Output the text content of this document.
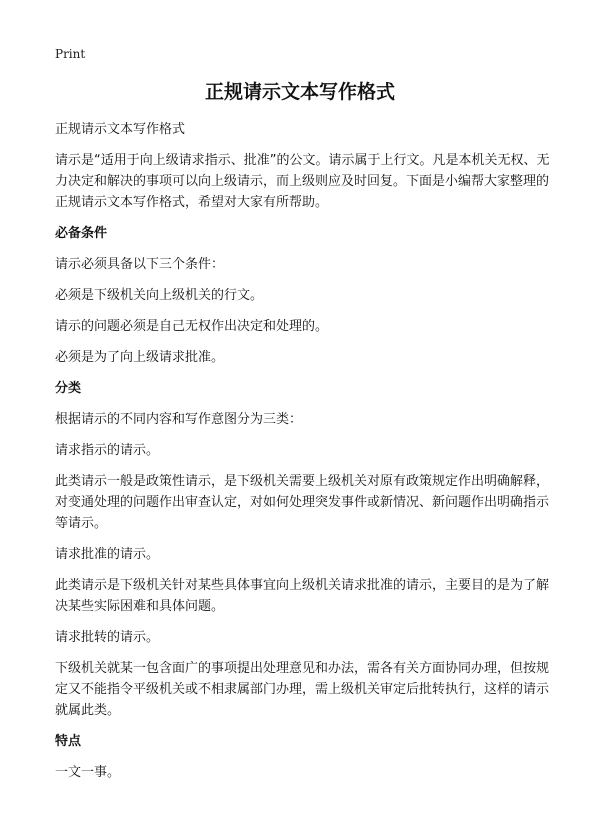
Print
正规请示文本写作格式

正规请示文本写作格式

请示是“适用于向上级请求指示、批准”的公文。请示属于上行文。凡是本机关无权、无力决定和解决的事项可以向上级请示，而上级则应及时回复。下面是小编帮大家整理的正规请示文本写作格式，希望对大家有所帮助。

必备条件

请示必须具备以下三个条件：

必须是下级机关向上级机关的行文。

请示的问题必须是自己无权作出决定和处理的。

必须是为了向上级请求批准。

分类

根据请示的不同内容和写作意图分为三类：

请求指示的请示。

此类请示一般是政策性请示，是下级机关需要上级机关对原有政策规定作出明确解释，对变通处理的问题作出审查认定，对如何处理突发事件或新情况、新问题作出明确指示等请示。

请求批准的请示。

此类请示是下级机关针对某些具体事宜向上级机关请求批准的请示，主要目的是为了解决某些实际困难和具体问题。

请求批转的请示。

下级机关就某一包含面广的事项提出处理意见和办法，需各有关方面协同办理，但按规定又不能指令平级机关或不相隶属部门办理，需上级机关审定后批转执行，这样的请示就属此类。

特点

一文一事。
